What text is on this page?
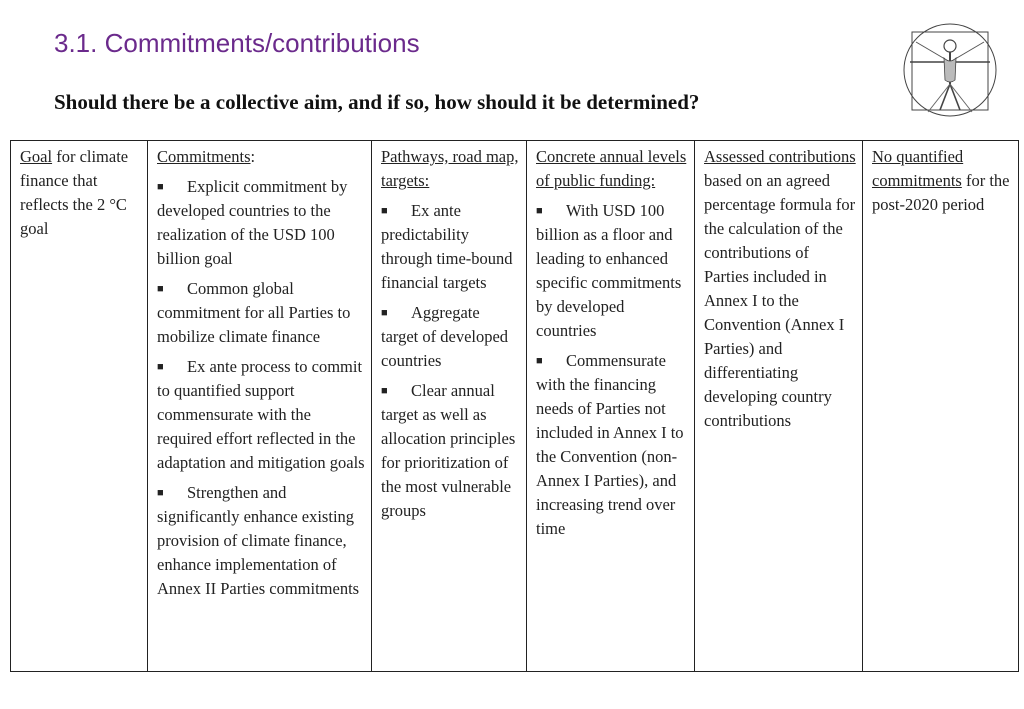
3.1. Commitments/contributions
Should there be a collective aim, and if so, how should it be determined?
Goal for climate finance that reflects the 2 °C goal

Commitments:
■ Explicit commitment by developed countries to the realization of the USD 100 billion goal
■ Common global commitment for all Parties to mobilize climate finance
■ Ex ante process to commit to quantified support commensurate with the required effort reflected in the adaptation and mitigation goals
■ Strengthen and significantly enhance existing provision of climate finance, enhance implementation of Annex II Parties commitments

Pathways, road map, targets:
■ Ex ante predictability through time-bound financial targets
■ Aggregate target of developed countries
■ Clear annual target as well as allocation principles for prioritization of the most vulnerable groups

Concrete annual levels of public funding:
■ With USD 100 billion as a floor and leading to enhanced specific commitments by developed countries
■ Commensurate with the financing needs of Parties not included in Annex I to the Convention (non-Annex I Parties), and increasing trend over time

Assessed contributions based on an agreed percentage formula for the calculation of the contributions of Parties included in Annex I to the Convention (Annex I Parties) and differentiating developing country contributions

No quantified commitments for the post-2020 period
